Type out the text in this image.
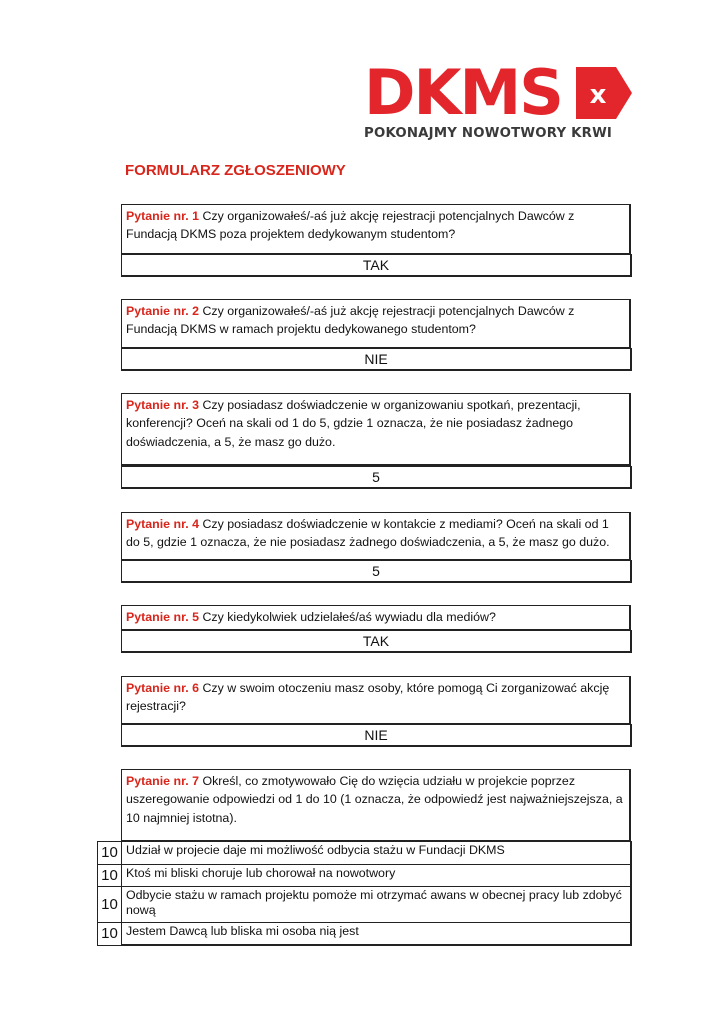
DKMS x
POKONAJMY NOWOTWORY KRWI
FORMULARZ ZGŁOSZENIOWY
Pytanie nr. 1 Czy organizowałeś/-aś już akcję rejestracji potencjalnych Dawców z Fundacją DKMS poza projektem dedykowanym studentom?
TAK
Pytanie nr. 2 Czy organizowałeś/-aś już akcję rejestracji potencjalnych Dawców z Fundacją DKMS w ramach projektu dedykowanego studentom?
NIE
Pytanie nr. 3 Czy posiadasz doświadczenie w organizowaniu spotkań, prezentacji, konferencji? Oceń na skali od 1 do 5, gdzie 1 oznacza, że nie posiadasz żadnego doświadczenia, a 5, że masz go dużo.
5
Pytanie nr. 4 Czy posiadasz doświadczenie w kontakcie z mediami? Oceń na skali od 1 do 5, gdzie 1 oznacza, że nie posiadasz żadnego doświadczenia, a 5, że masz go dużo.
5
Pytanie nr. 5 Czy kiedykolwiek udzielałeś/aś wywiadu dla mediów?
TAK
Pytanie nr. 6 Czy w swoim otoczeniu masz osoby, które pomogą Ci zorganizować akcję rejestracji?
NIE
Pytanie nr. 7 Określ, co zmotywowało Cię do wzięcia udziału w projekcie poprzez uszeregowanie odpowiedzi od 1 do 10 (1 oznacza, że odpowiedź jest najważniejszejsza, a 10 najmniej istotna).
10 Udział w projecie daje mi możliwość odbycia stażu w Fundacji DKMS
10 Ktoś mi bliski choruje lub chorował na nowotwory
10
Odbycie stażu w ramach projektu pomoże mi otrzymać awans w obecnej pracy lub zdobyć nową
10 Jestem Dawcą lub bliska mi osoba nią jest
